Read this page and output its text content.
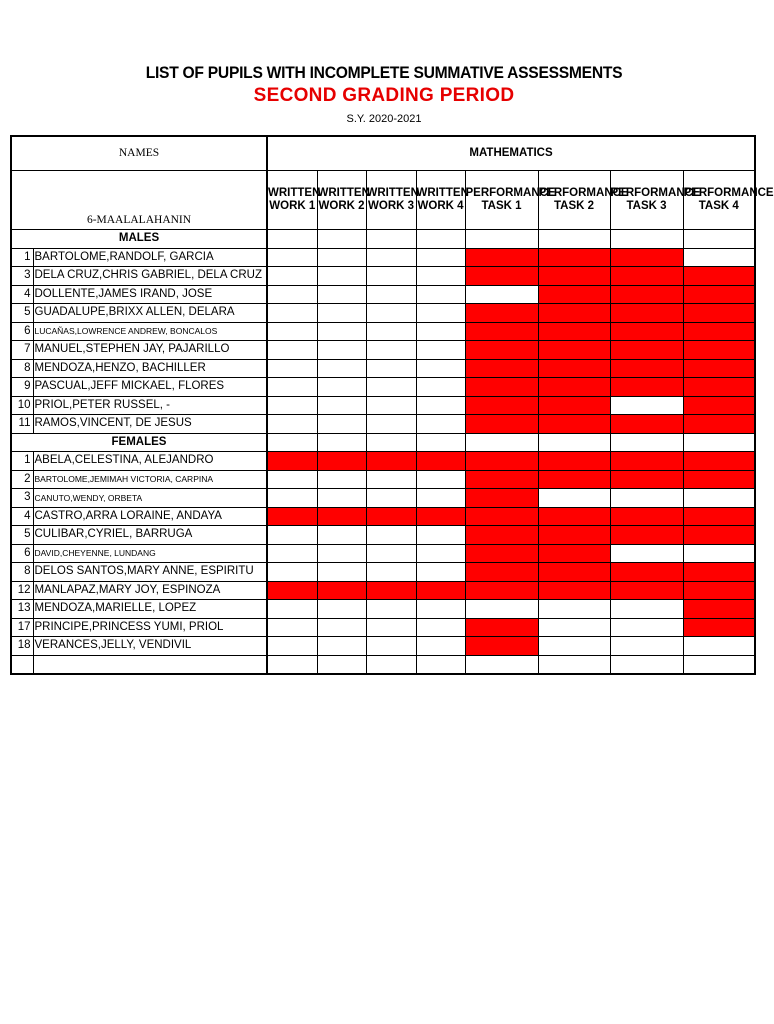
LIST OF PUPILS WITH INCOMPLETE SUMMATIVE ASSESSMENTS
SECOND GRADING PERIOD
S.Y. 2020-2021
NAMES		MATHEMATICS							
6-MAALALAHANIN		WRITTEN WORK 1	WRITTEN WORK 2	WRITTEN WORK 3	WRITTEN WORK 4	PERFORMANCE TASK 1	PERFORMANCE TASK 2	PERFORMANCE TASK 3	PERFORMANCE TASK 4
MALES									
1	BARTOLOME,RANDOLF, GARCIA								
3	DELA CRUZ,CHRIS GABRIEL, DELA CRUZ								
4	DOLLENTE,JAMES IRAND, JOSE								
5	GUADALUPE,BRIXX ALLEN, DELARA								
6	LUCAÑAS,LOWRENCE ANDREW, BONCALOS								
7	MANUEL,STEPHEN JAY, PAJARILLO								
8	MENDOZA,HENZO, BACHILLER								
9	PASCUAL,JEFF MICKAEL, FLORES								
10	PRIOL,PETER RUSSEL, -								
11	RAMOS,VINCENT, DE JESUS								
FEMALES									
1	ABELA,CELESTINA, ALEJANDRO								
2	BARTOLOME,JEMIMAH VICTORIA, CARPINA								
3	CANUTO,WENDY, ORBETA								
4	CASTRO,ARRA LORAINE, ANDAYA								
5	CULIBAR,CYRIEL, BARRUGA								
6	DAVID,CHEYENNE, LUNDANG								
8	DELOS SANTOS,MARY ANNE, ESPIRITU								
12	MANLAPAZ,MARY JOY, ESPINOZA								
13	MENDOZA,MARIELLE, LOPEZ								
17	PRINCIPE,PRINCESS YUMI, PRIOL								
18	VERANCES,JELLY, VENDIVIL								
